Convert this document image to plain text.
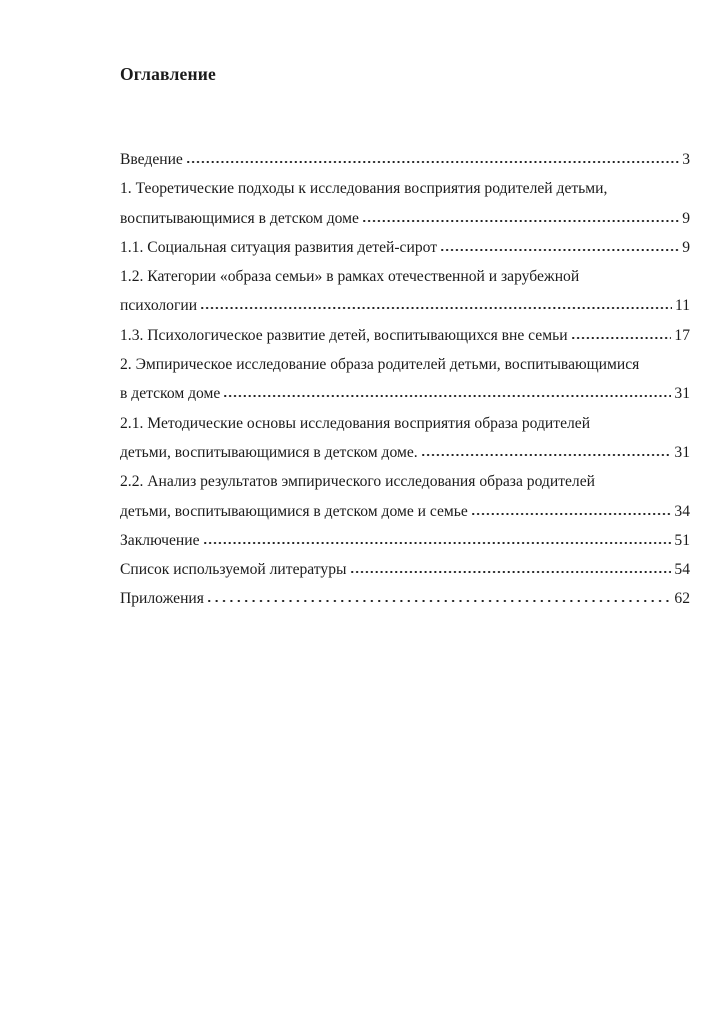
Оглавление
Введение	3
1. Теоретические подходы к исследования восприятия родителей детьми,
воспитывающимися в детском доме	9
1.1. Социальная ситуация развития детей-сирот	9
1.2. Категории «образа семьи» в рамках отечественной и зарубежной
психологии	11
1.3. Психологическое развитие детей, воспитывающихся вне семьи	17
2. Эмпирическое исследование образа родителей детьми, воспитывающимися
в детском доме	31
2.1. Методические основы исследования восприятия образа родителей
детьми, воспитывающимися в детском доме.	31
2.2. Анализ результатов эмпирического исследования образа родителей
детьми, воспитывающимися в детском доме и семье	34
Заключение	51
Список используемой литературы	54
Приложения	62
